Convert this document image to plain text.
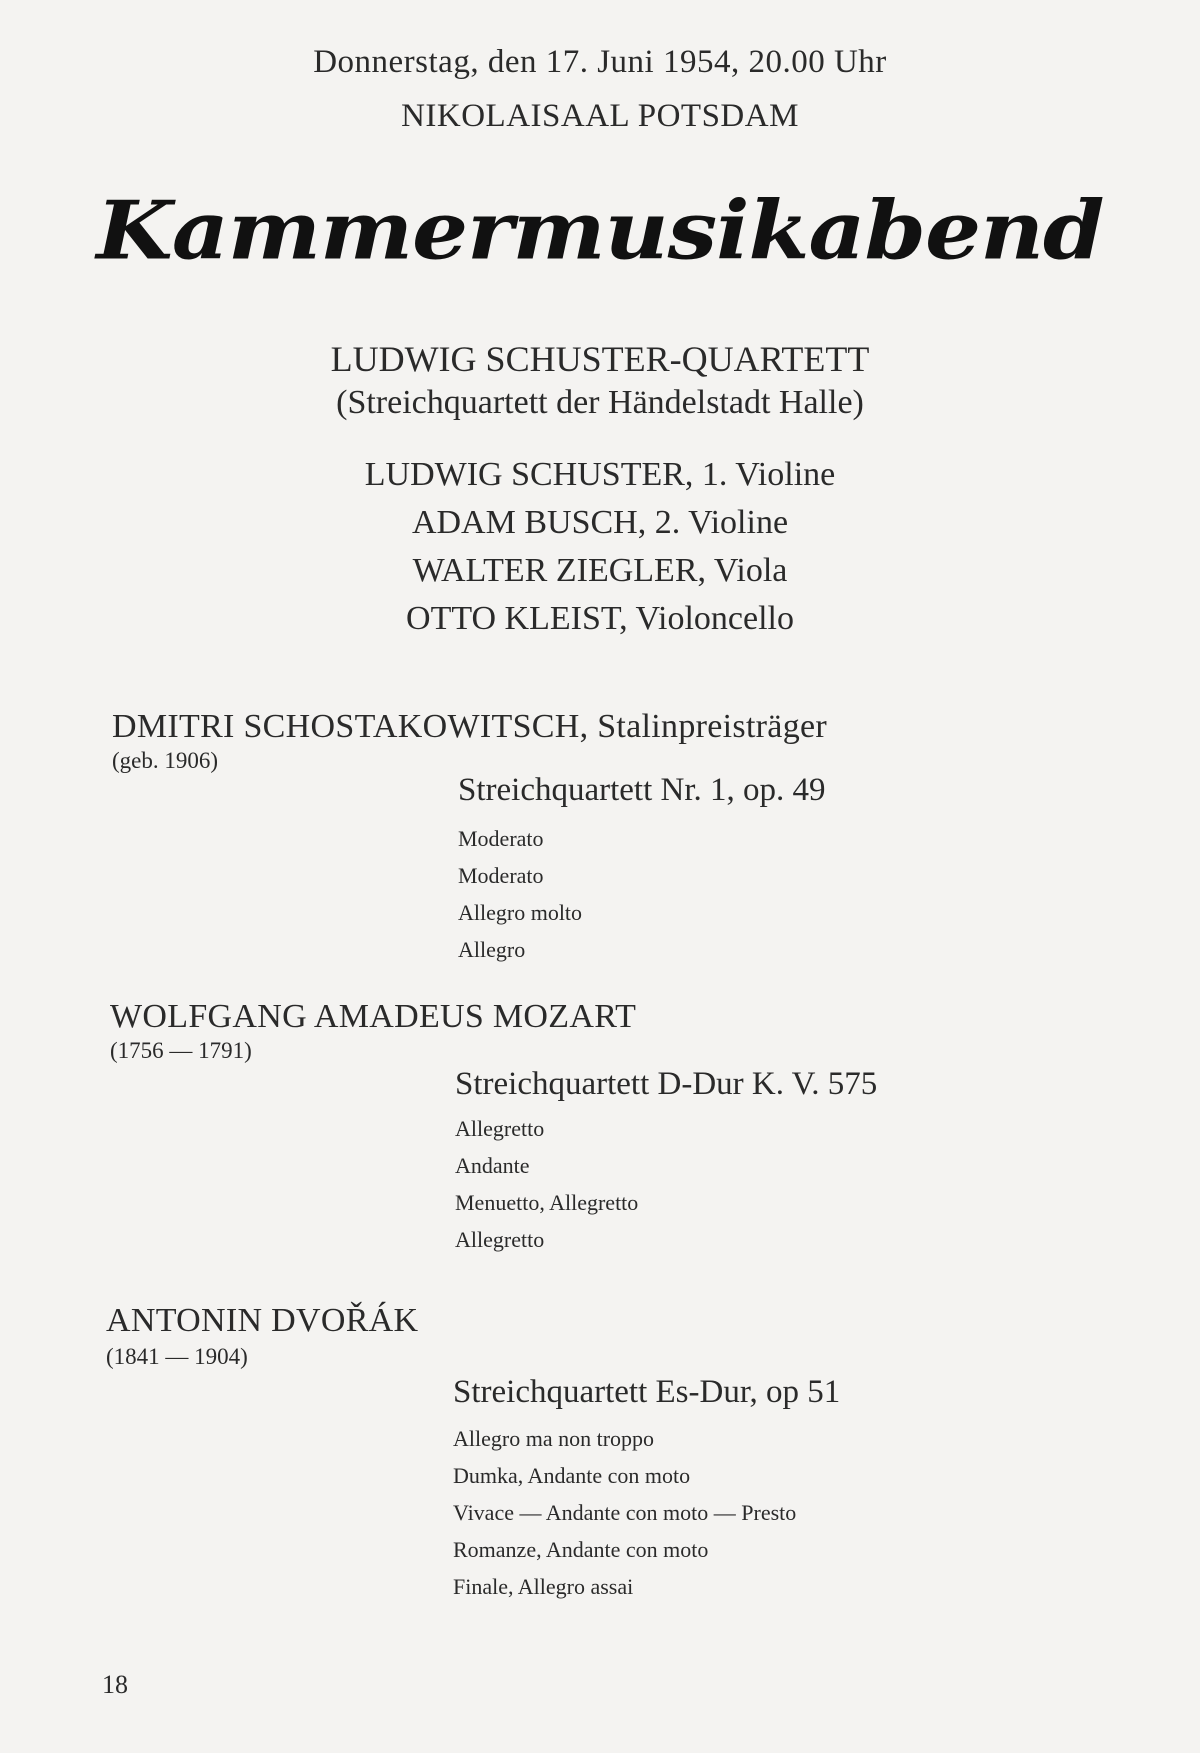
Donnerstag, den 17. Juni 1954, 20.00 Uhr
NIKOLAISAAL POTSDAM
Kammermusikabend
LUDWIG SCHUSTER-QUARTETT
(Streichquartett der Händelstadt Halle)
LUDWIG SCHUSTER, 1. Violine
ADAM BUSCH, 2. Violine
WALTER ZIEGLER, Viola
OTTO KLEIST, Violoncello
DMITRI SCHOSTAKOWITSCH, Stalinpreisträger
(geb. 1906)
Streichquartett Nr. 1, op. 49
Moderato
Moderato
Allegro molto
Allegro
WOLFGANG AMADEUS MOZART
(1756 — 1791)
Streichquartett D-Dur K. V. 575
Allegretto
Andante
Menuetto, Allegretto
Allegretto
ANTONIN DVOŘÁK
(1841 — 1904)
Streichquartett Es-Dur, op 51
Allegro ma non troppo
Dumka, Andante con moto
Vivace — Andante con moto — Presto
Romanze, Andante con moto
Finale, Allegro assai
18
